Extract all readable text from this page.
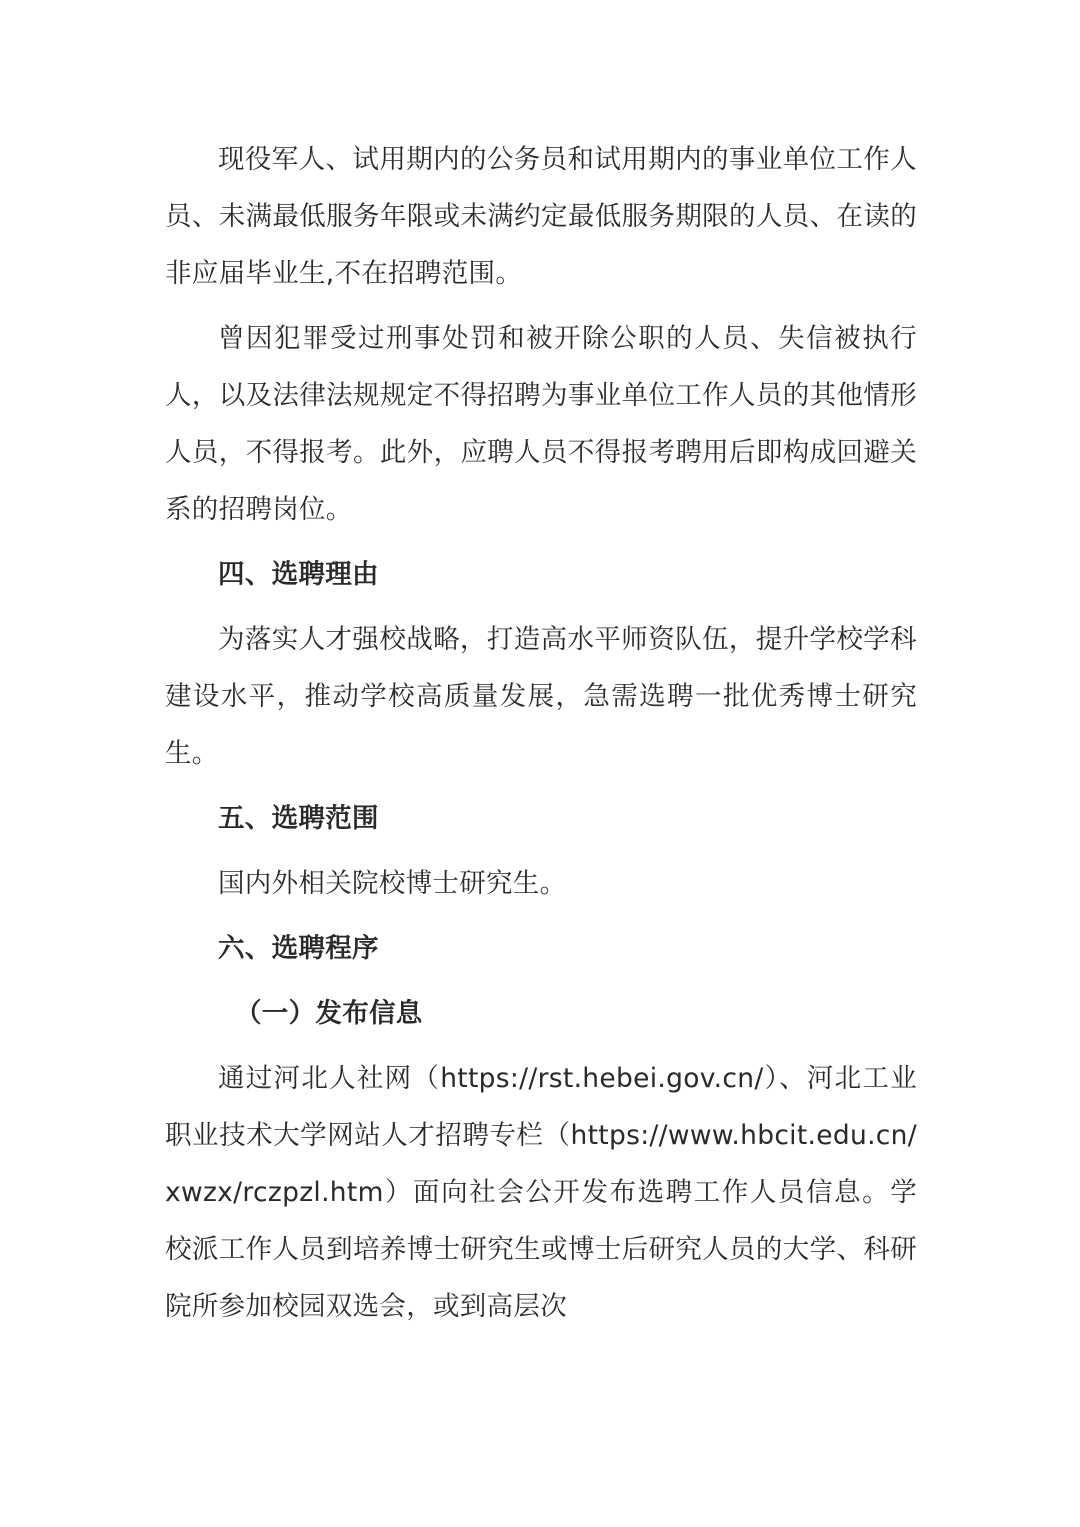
现役军人、试用期内的公务员和试用期内的事业单位工作人员、未满最低服务年限或未满约定最低服务期限的人员、在读的非应届毕业生,不在招聘范围。

曾因犯罪受过刑事处罚和被开除公职的人员、失信被执行人，以及法律法规规定不得招聘为事业单位工作人员的其他情形人员，不得报考。此外，应聘人员不得报考聘用后即构成回避关系的招聘岗位。

四、选聘理由

为落实人才强校战略，打造高水平师资队伍，提升学校学科建设水平，推动学校高质量发展，急需选聘一批优秀博士研究生。

五、选聘范围

国内外相关院校博士研究生。

六、选聘程序

（一）发布信息

通过河北人社网（https://rst.hebei.gov.cn/）、河北工业职业技术大学网站人才招聘专栏（https://www.hbcit.edu.cn/xwzx/rczpzl.htm）面向社会公开发布选聘工作人员信息。学校派工作人员到培养博士研究生或博士后研究人员的大学、科研院所参加校园双选会，或到高层次
